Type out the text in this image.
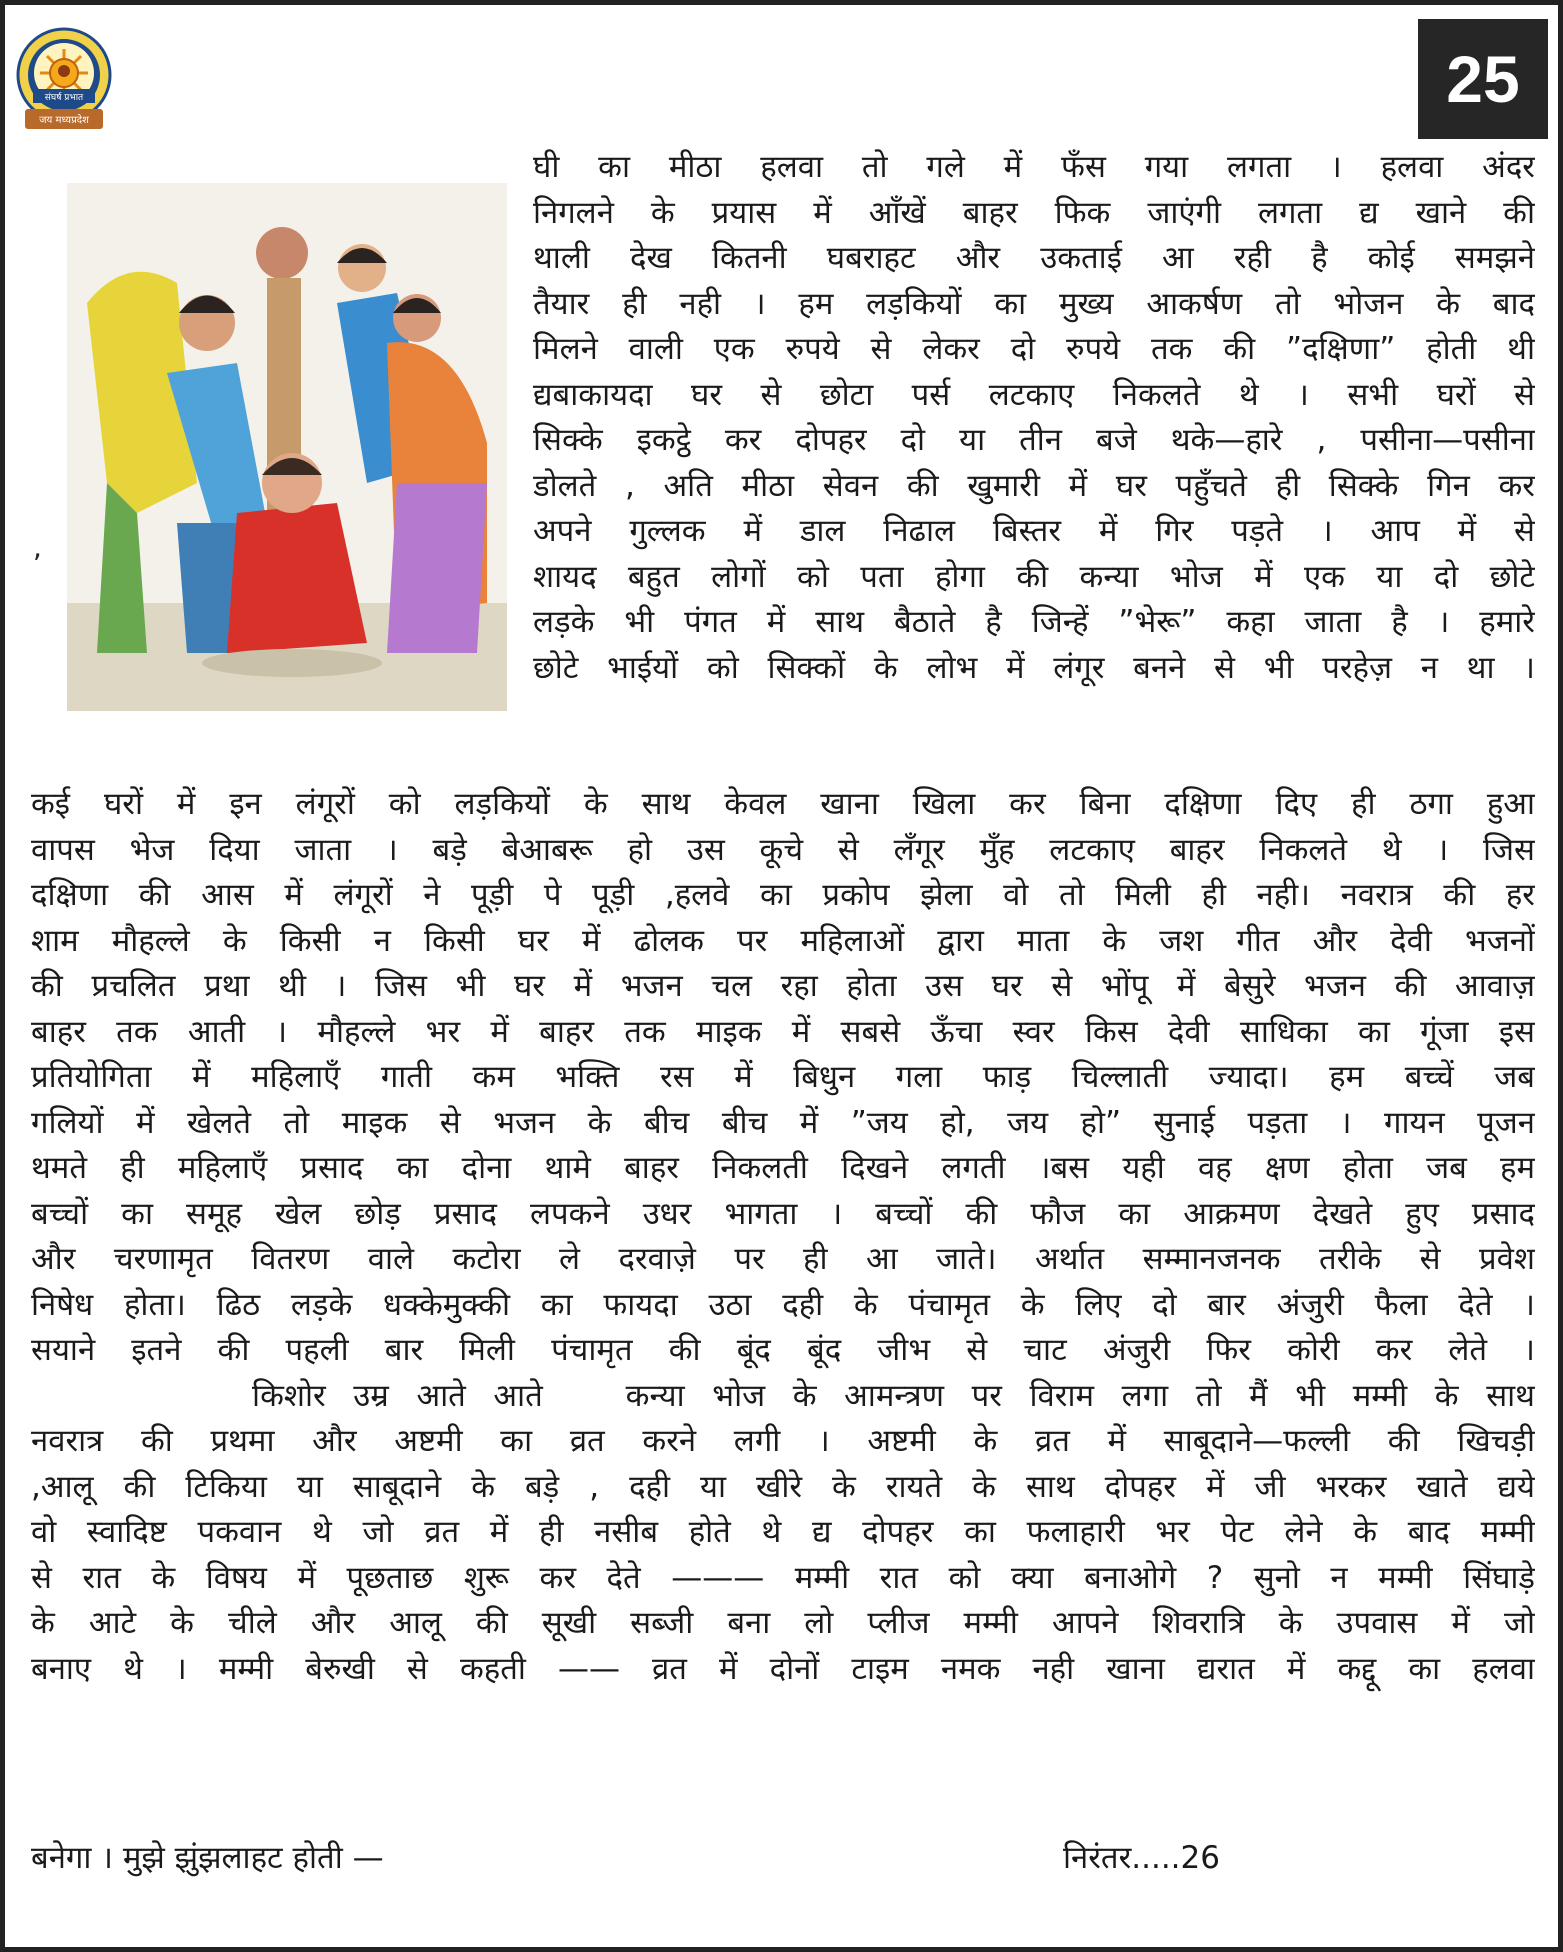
संघर्ष प्रभात
जय मध्यप्रदेश
25
,
घी का मीठा हलवा तो गले में फँस गया लगता । हलवा अंदर
निगलने के प्रयास में आँखें बाहर फिक जाएंगी लगता द्य खाने की
थाली देख कितनी घबराहट और उकताई आ रही है कोई समझने
तैयार ही नही । हम लड़कियों का मुख्य आकर्षण तो भोजन के बाद
मिलने वाली एक रुपये से लेकर दो रुपये तक की ”दक्षिणा” होती थी
द्यबाकायदा घर से छोटा पर्स लटकाए निकलते थे । सभी घरों से
सिक्के इकट्ठे कर दोपहर दो या तीन बजे थके—हारे , पसीना—पसीना
डोलते , अति मीठा सेवन की खुमारी में घर पहुँचते ही सिक्के गिन कर
अपने गुल्लक में डाल निढाल बिस्तर में गिर पड़ते । आप में से
शायद बहुत लोगों को पता होगा की कन्या भोज में एक या दो छोटे
लड़के भी पंगत में साथ बैठाते है जिन्हें ”भेरू” कहा जाता है । हमारे
छोटे भाईयों को सिक्कों के लोभ में लंगूर बनने से भी परहेज़ न था ।
कई घरों में इन लंगूरों को लड़कियों के साथ केवल खाना खिला कर बिना दक्षिणा दिए ही ठगा हुआ
वापस भेज दिया जाता । बड़े बेआबरू हो उस कूचे से लँगूर मुँह लटकाए बाहर निकलते थे । जिस
दक्षिणा की आस में लंगूरों ने पूड़ी पे पूड़ी ,हलवे का प्रकोप झेला वो तो मिली ही नही। नवरात्र की हर
शाम मौहल्ले के किसी न किसी घर में ढोलक पर महिलाओं द्वारा माता के जश गीत और देवी भजनों
की प्रचलित प्रथा थी । जिस भी घर में भजन चल रहा होता उस घर से भोंपू में बेसुरे भजन की आवाज़
बाहर तक आती । मौहल्ले भर में बाहर तक माइक में सबसे ऊँचा स्वर किस देवी साधिका का गूंजा इस
प्रतियोगिता में महिलाएँ गाती कम भक्ति रस में बिधुन गला फाड़ चिल्लाती ज्यादा। हम बच्चें जब
गलियों में खेलते तो माइक से भजन के बीच बीच में ”जय हो, जय हो” सुनाई पड़ता । गायन पूजन
थमते ही महिलाएँ प्रसाद का दोना थामे बाहर निकलती दिखने लगती ।बस यही वह क्षण होता जब हम
बच्चों का समूह खेल छोड़ प्रसाद लपकने उधर भागता । बच्चों की फौज का आक्रमण देखते हुए प्रसाद
और चरणामृत वितरण वाले कटोरा ले दरवाज़े पर ही आ जाते। अर्थात सम्मानजनक तरीके से प्रवेश
निषेध होता। ढिठ लड़के धक्केमुक्की का फायदा उठा दही के पंचामृत के लिए दो बार अंजुरी फैला देते ।
सयाने इतने की पहली बार मिली पंचामृत की बूंद बूंद जीभ से चाट अंजुरी फिर कोरी कर लेते ।
किशोर उम्र आते आते   कन्या भोज के आमन्त्रण पर विराम लगा तो मैं भी मम्मी के साथ
नवरात्र की प्रथमा और अष्टमी का व्रत करने लगी । अष्टमी के व्रत में साबूदाने—फल्ली की खिचड़ी
,आलू की टिकिया या साबूदाने के बड़े , दही या खीरे के रायते के साथ दोपहर में जी भरकर खाते द्यये
वो स्वादिष्ट पकवान थे जो व्रत में ही नसीब होते थे द्य दोपहर का फलाहारी भर पेट लेने के बाद मम्मी
से रात के विषय में पूछताछ शुरू कर देते ——— मम्मी रात को क्या बनाओगे ? सुनो न मम्मी सिंघाड़े
के आटे के चीले और आलू की सूखी सब्जी बना लो प्लीज मम्मी आपने शिवरात्रि के उपवास में जो
बनाए थे । मम्मी बेरुखी से कहती —— व्रत में दोनों टाइम नमक नही खाना द्यरात में कद्दू का हलवा
बनेगा । मुझे झुंझलाहट होती —	निरंतर.....26
